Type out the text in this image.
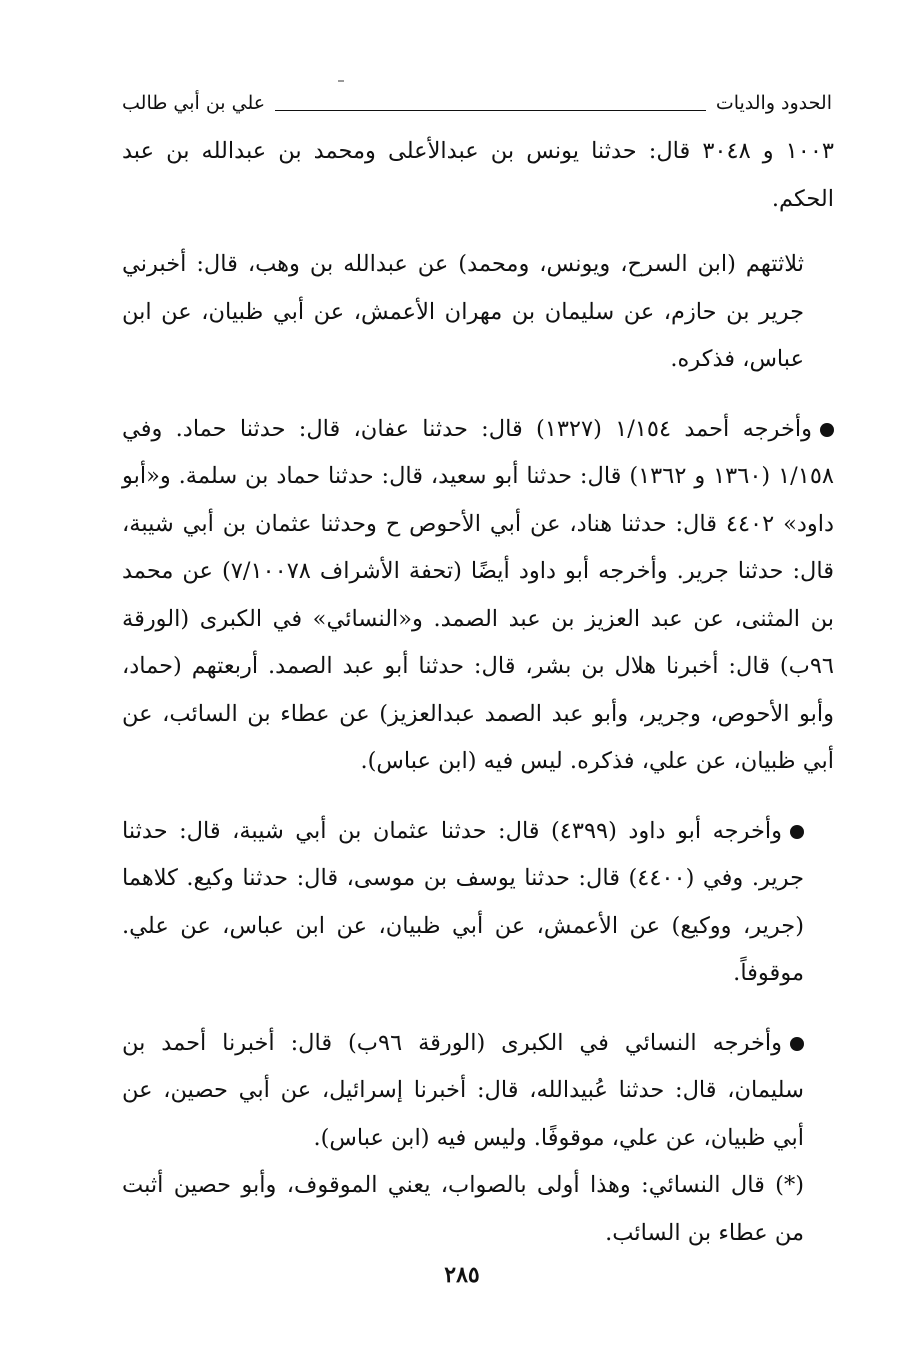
الحدود والديات
علي بن أبي طالب

١٠٠٣ و ٣٠٤٨ قال: حدثنا يونس بن عبدالأعلى ومحمد بن عبدالله بن عبد الحكم.

ثلاثتهم (ابن السرح، ويونس، ومحمد) عن عبدالله بن وهب، قال: أخبرني جرير بن حازم، عن سليمان بن مهران الأعمش، عن أبي ظبيان، عن ابن عباس، فذكره.

وأخرجه أحمد ١/١٥٤ (١٣٢٧) قال: حدثنا عفان، قال: حدثنا حماد. وفي ١/١٥٨ (١٣٦٠ و ١٣٦٢) قال: حدثنا أبو سعيد، قال: حدثنا حماد بن سلمة. و«أبو داود» ٤٤٠٢ قال: حدثنا هناد، عن أبي الأحوص ح وحدثنا عثمان بن أبي شيبة، قال: حدثنا جرير. وأخرجه أبو داود أيضًا (تحفة الأشراف ٧/١٠٠٧٨) عن محمد بن المثنى، عن عبد العزيز بن عبد الصمد. و«النسائي» في الكبرى (الورقة ٩٦ب) قال: أخبرنا هلال بن بشر، قال: حدثنا أبو عبد الصمد. أربعتهم (حماد، وأبو الأحوص، وجرير، وأبو عبد الصمد عبدالعزيز) عن عطاء بن السائب، عن أبي ظبيان، عن علي، فذكره. ليس فيه (ابن عباس).

وأخرجه أبو داود (٤٣٩٩) قال: حدثنا عثمان بن أبي شيبة، قال: حدثنا جرير. وفي (٤٤٠٠) قال: حدثنا يوسف بن موسى، قال: حدثنا وكيع. كلاهما (جرير، ووكيع) عن الأعمش، عن أبي ظبيان، عن ابن عباس، عن علي. موقوفاً.

وأخرجه النسائي في الكبرى (الورقة ٩٦ب) قال: أخبرنا أحمد بن سليمان، قال: حدثنا عُبيدالله، قال: أخبرنا إسرائيل، عن أبي حصين، عن أبي ظبيان، عن علي، موقوفًا. وليس فيه (ابن عباس).

(*) قال النسائي: وهذا أولى بالصواب، يعني الموقوف، وأبو حصين أثبت من عطاء بن السائب.

٢٨٥
